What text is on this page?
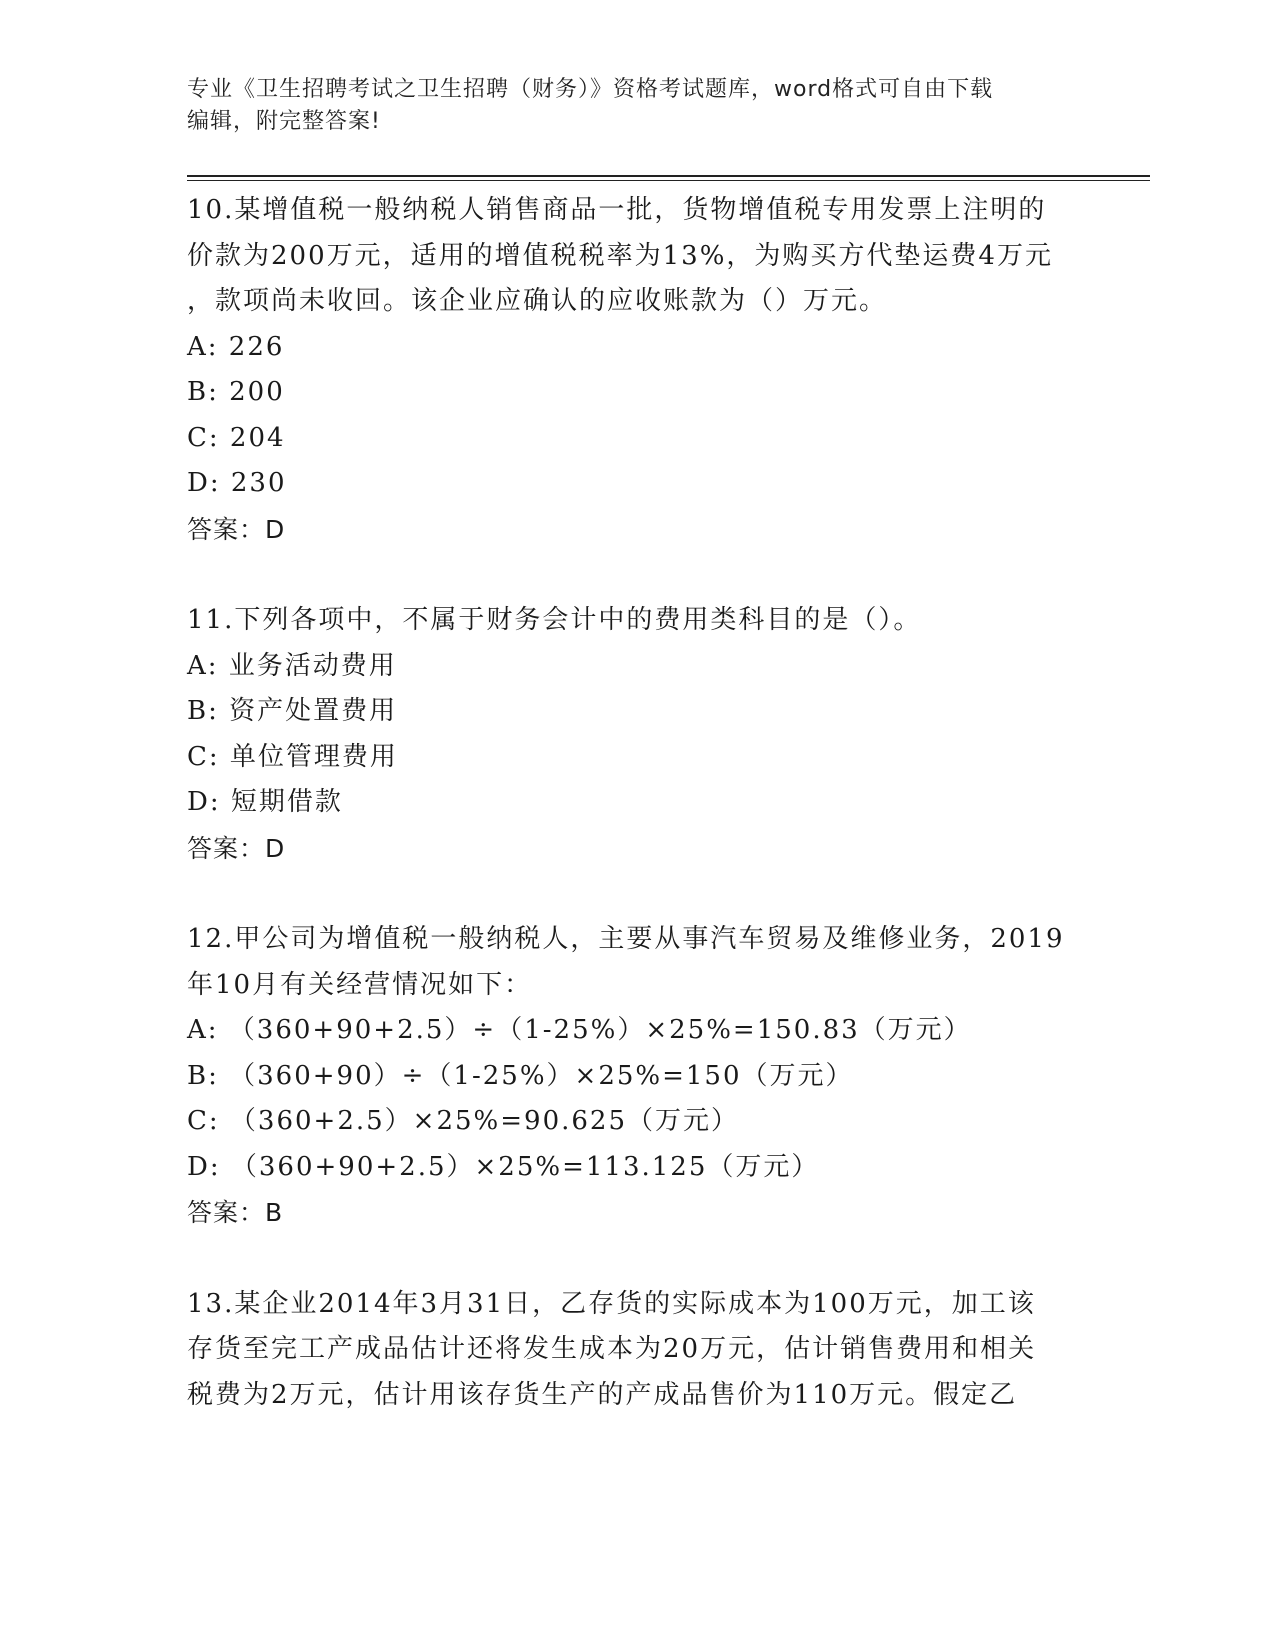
专业《卫生招聘考试之卫生招聘（财务）》资格考试题库，word格式可自由下载
编辑，附完整答案!

10.某增值税一般纳税人销售商品一批，货物增值税专用发票上注明的

价款为200万元，适用的增值税税率为13%，为购买方代垫运费4万元

，款项尚未收回。该企业应确认的应收账款为（）万元。

A: 226

B: 200

C: 204

D: 230

答案：D

11.下列各项中，不属于财务会计中的费用类科目的是（）。

A: 业务活动费用

B: 资产处置费用

C: 单位管理费用

D: 短期借款

答案：D

12.甲公司为增值税一般纳税人，主要从事汽车贸易及维修业务，2019

年10月有关经营情况如下：

A: （360+90+2.5）÷（1-25%）×25%=150.83（万元）

B: （360+90）÷（1-25%）×25%=150（万元）

C: （360+2.5）×25%=90.625（万元）

D: （360+90+2.5）×25%=113.125（万元）

答案：B

13.某企业2014年3月31日，乙存货的实际成本为100万元，加工该

存货至完工产成品估计还将发生成本为20万元，估计销售费用和相关

税费为2万元，估计用该存货生产的产成品售价为110万元。假定乙
